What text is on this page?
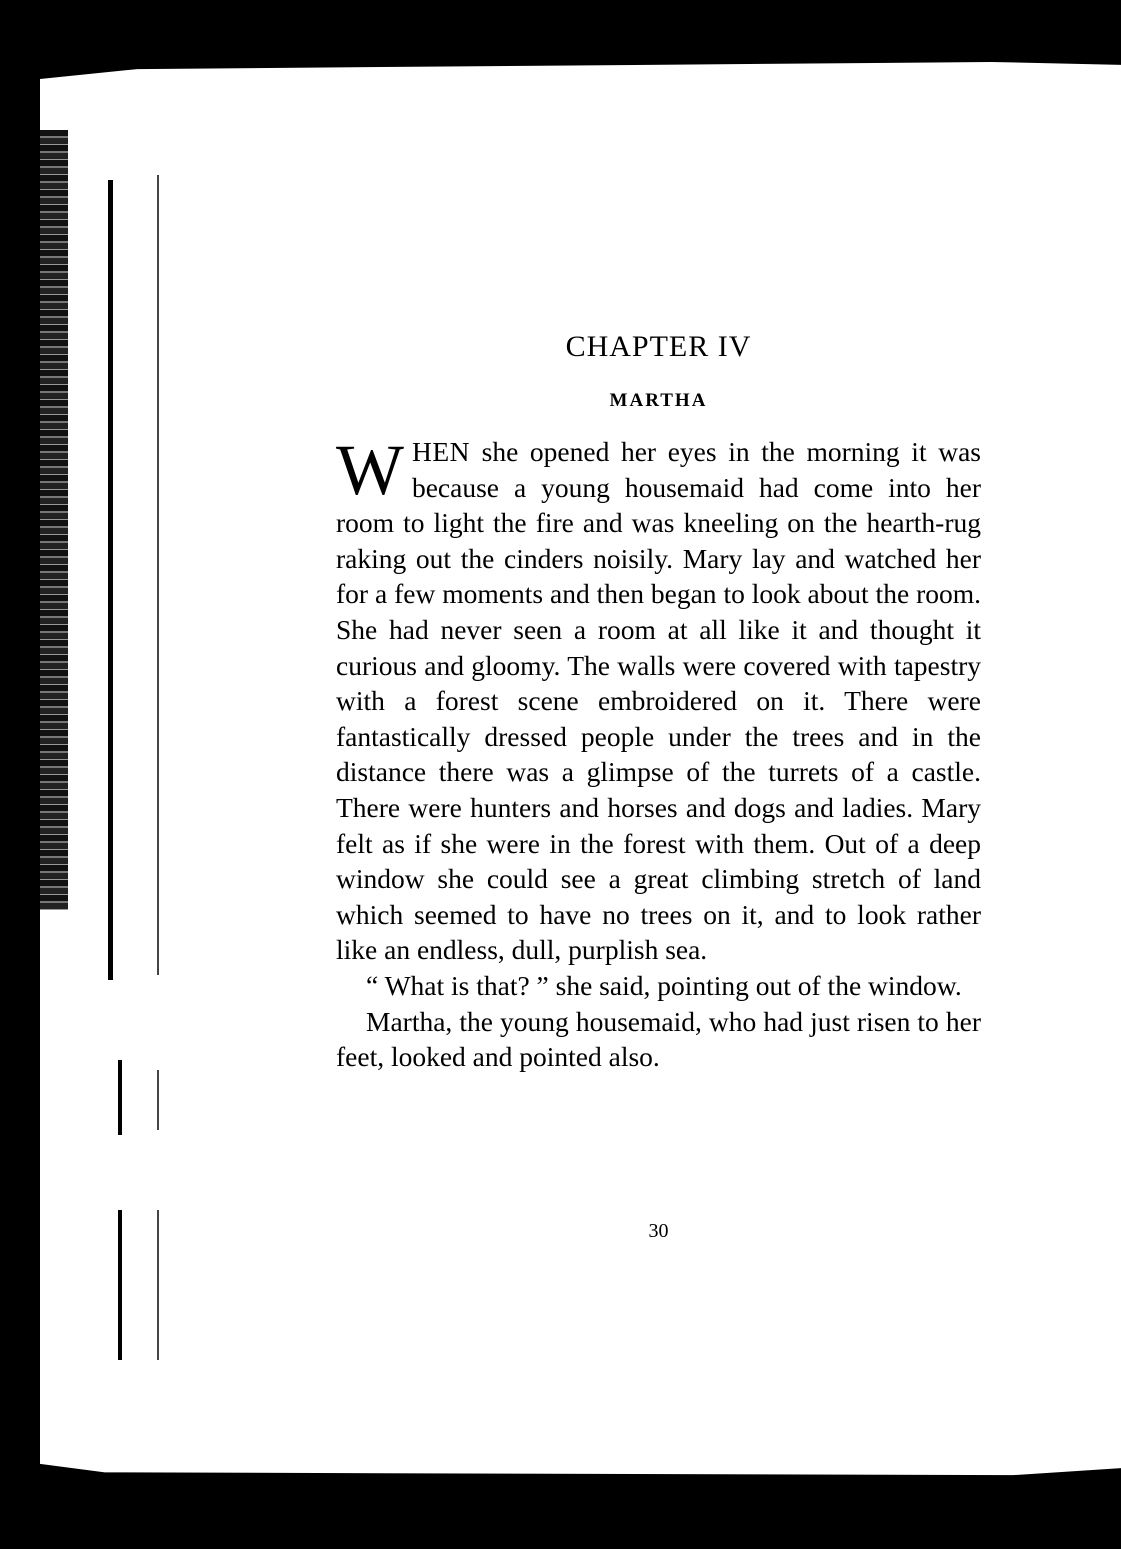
CHAPTER IV
MARTHA

WHEN she opened her eyes in the morning it was because a young housemaid had come into her room to light the fire and was kneeling on the hearth-rug raking out the cinders noisily. Mary lay and watched her for a few moments and then began to look about the room. She had never seen a room at all like it and thought it curious and gloomy. The walls were covered with tapestry with a forest scene embroidered on it. There were fantastically dressed people under the trees and in the distance there was a glimpse of the turrets of a castle. There were hunters and horses and dogs and ladies. Mary felt as if she were in the forest with them. Out of a deep window she could see a great climbing stretch of land which seemed to have no trees on it, and to look rather like an endless, dull, purplish sea.

“ What is that? ” she said, pointing out of the window.

Martha, the young housemaid, who had just risen to her feet, looked and pointed also.

30
